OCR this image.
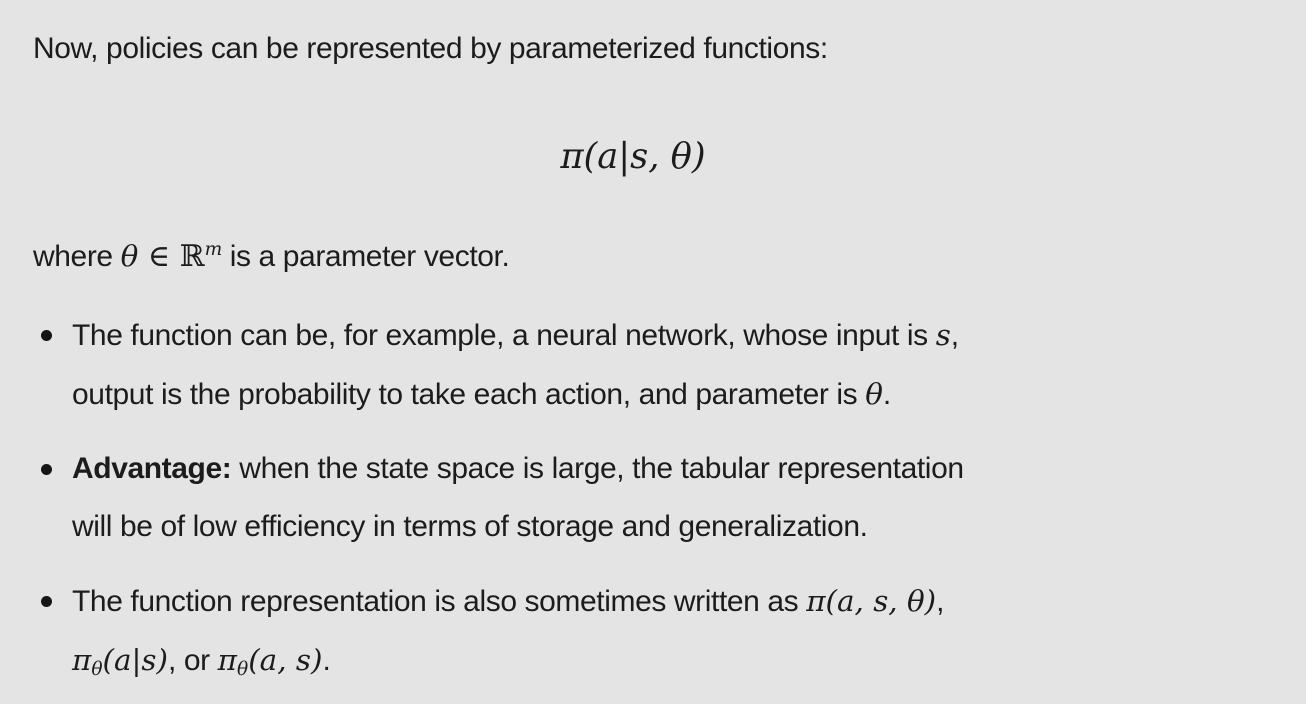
Now, policies can be represented by parameterized functions:

π(a|s, θ)

where θ ∈ ℝ$^m$ is a parameter vector.

The function can be, for example, a neural network, whose input is s,
output is the probability to take each action, and parameter is θ.
Advantage: when the state space is large, the tabular representation
will be of low efficiency in terms of storage and generalization.
The function representation is also sometimes written as π(a, s, θ),
$\pi_\theta(a|s)$, or $\pi_\theta(a$, s).
